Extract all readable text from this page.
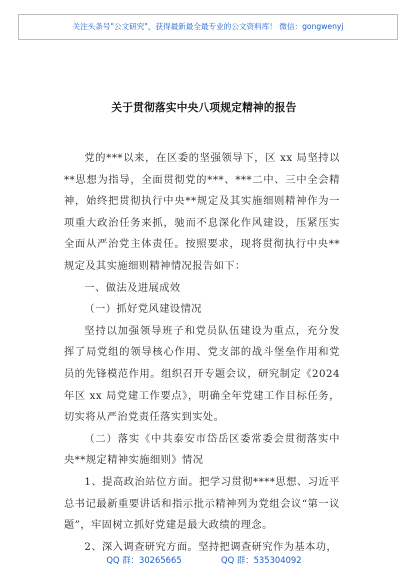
关注头条号"公文研究"，获得最新最全最专业的公文资料库！ 微信：gongwenyj
关于贯彻落实中央八项规定精神的报告

党的***以来，在区委的坚强领导下，区 xx 局坚持以**思想为指导，全面贯彻党的***、***二中、三中全会精神，始终把贯彻执行中央**规定及其实施细则精神作为一项重大政治任务来抓，驰而不息深化作风建设，压紧压实全面从严治党主体责任。按照要求，现将贯彻执行中央**规定及其实施细则精神情况报告如下：

一、做法及进展成效

（一）抓好党风建设情况

坚持以加强领导班子和党员队伍建设为重点，充分发挥了局党组的领导核心作用、党支部的战斗堡垒作用和党员的先锋模范作用。组织召开专题会议，研究制定《2024 年区 xx 局党建工作要点》，明确全年党建工作目标任务，切实将从严治党责任落实到实处。

（二）落实《中共泰安市岱岳区委常委会贯彻落实中央**规定精神实施细则》情况

1、提高政治站位方面。把学习贯彻****思想、习近平总书记最新重要讲话和指示批示精神列为党组会议“第一议题”，牢固树立抓好党建是最大政绩的理念。

2、深入调查研究方面。坚持把调查研究作为基本功，

QQ 群：30265665	QQ 群：535304092
